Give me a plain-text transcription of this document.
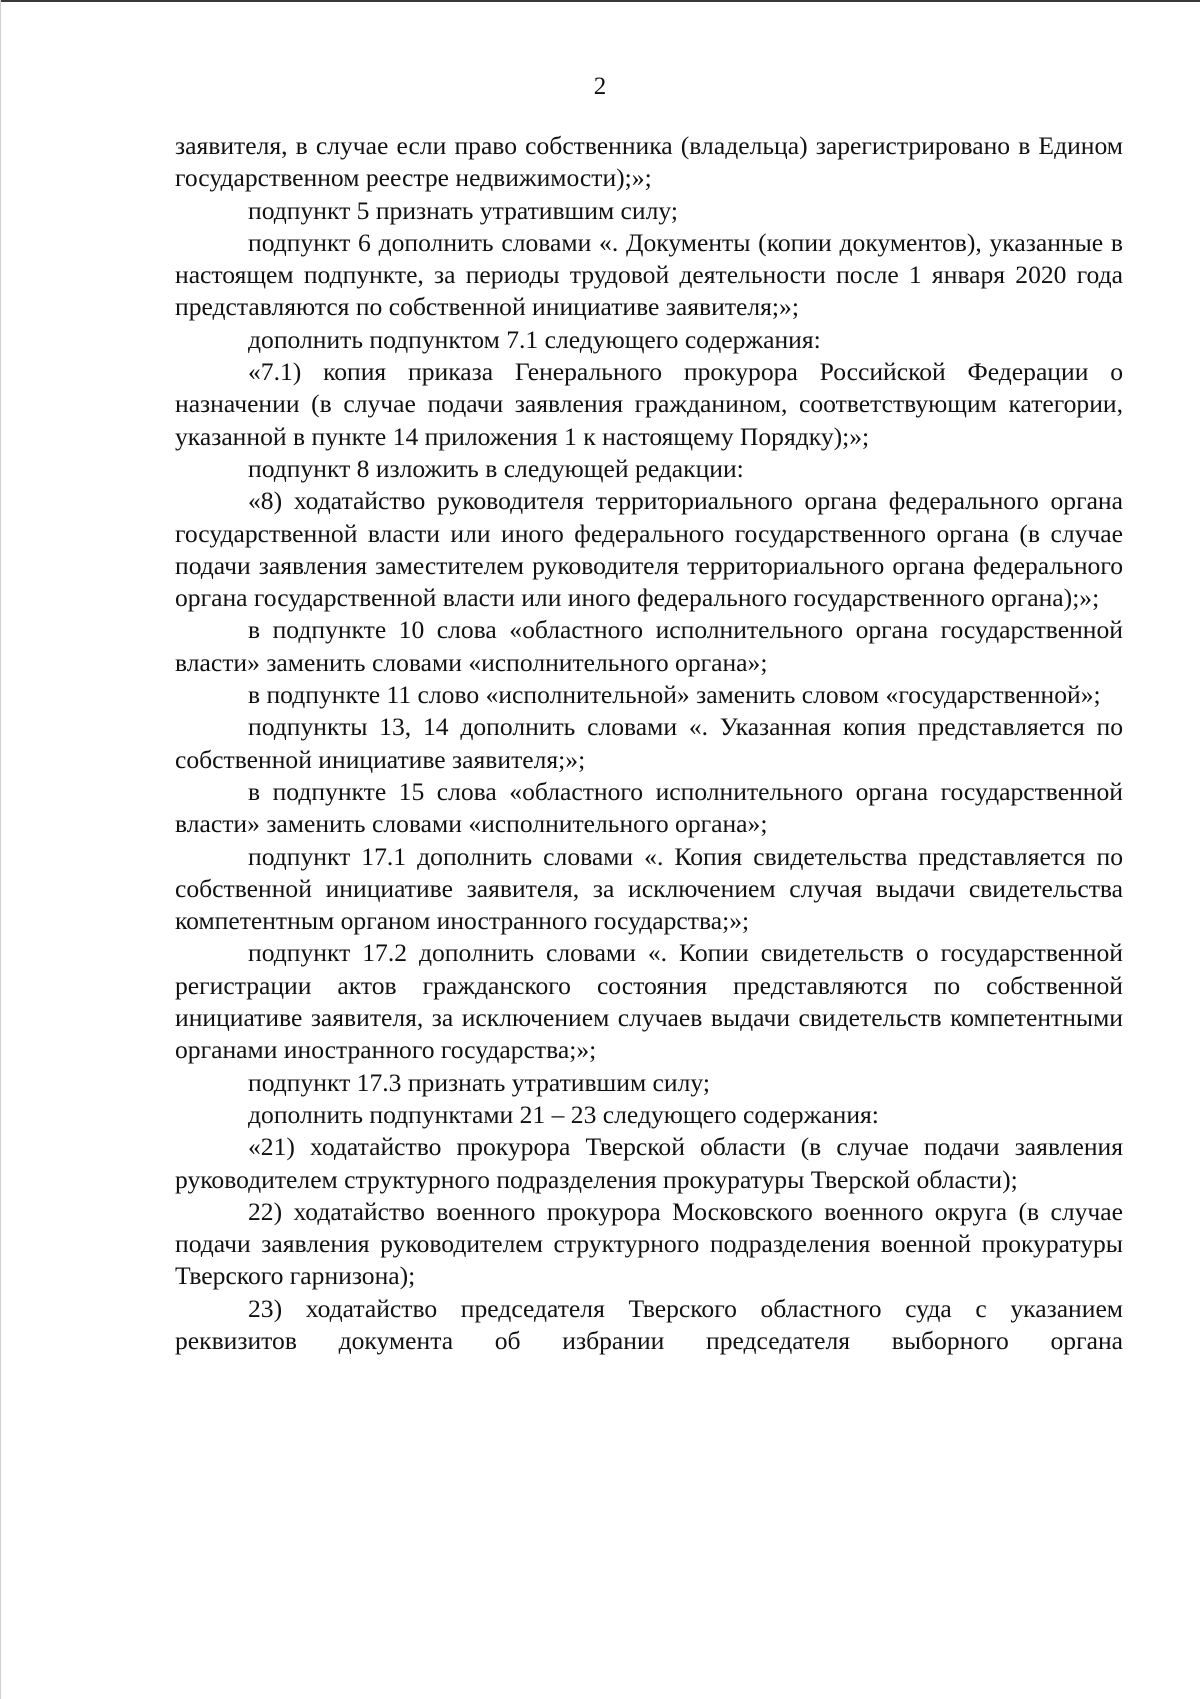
2

заявителя, в случае если право собственника (владельца) зарегистрировано в Едином государственном реестре недвижимости);»;

подпункт 5 признать утратившим силу;

подпункт 6 дополнить словами «. Документы (копии документов), указанные в настоящем подпункте, за периоды трудовой деятельности после 1 января 2020 года представляются по собственной инициативе заявителя;»;

дополнить подпунктом 7.1 следующего содержания:

«7.1) копия приказа Генерального прокурора Российской Федерации о назначении (в случае подачи заявления гражданином, соответствующим категории, указанной в пункте 14 приложения 1 к настоящему Порядку);»;

подпункт 8 изложить в следующей редакции:

«8) ходатайство руководителя территориального органа федерального органа государственной власти или иного федерального государственного органа (в случае подачи заявления заместителем руководителя территориального органа федерального органа государственной власти или иного федерального государственного органа);»;

в подпункте 10 слова «областного исполнительного органа государственной власти» заменить словами «исполнительного органа»;

в подпункте 11 слово «исполнительной» заменить словом «государственной»;

подпункты 13, 14 дополнить словами «. Указанная копия представляется по собственной инициативе заявителя;»;

в подпункте 15 слова «областного исполнительного органа государственной власти» заменить словами «исполнительного органа»;

подпункт 17.1 дополнить словами «. Копия свидетельства представляется по собственной инициативе заявителя, за исключением случая выдачи свидетельства компетентным органом иностранного государства;»;

подпункт 17.2 дополнить словами «. Копии свидетельств о государственной регистрации актов гражданского состояния представляются по собственной инициативе заявителя, за исключением случаев выдачи свидетельств компетентными органами иностранного государства;»;

подпункт 17.3 признать утратившим силу;

дополнить подпунктами 21 – 23 следующего содержания:

«21) ходатайство прокурора Тверской области (в случае подачи заявления руководителем структурного подразделения прокуратуры Тверской области);

22) ходатайство военного прокурора Московского военного округа (в случае подачи заявления руководителем структурного подразделения военной прокуратуры Тверского гарнизона);

23) ходатайство председателя Тверского областного суда с указанием реквизитов документа об избрании председателя выборного органа
